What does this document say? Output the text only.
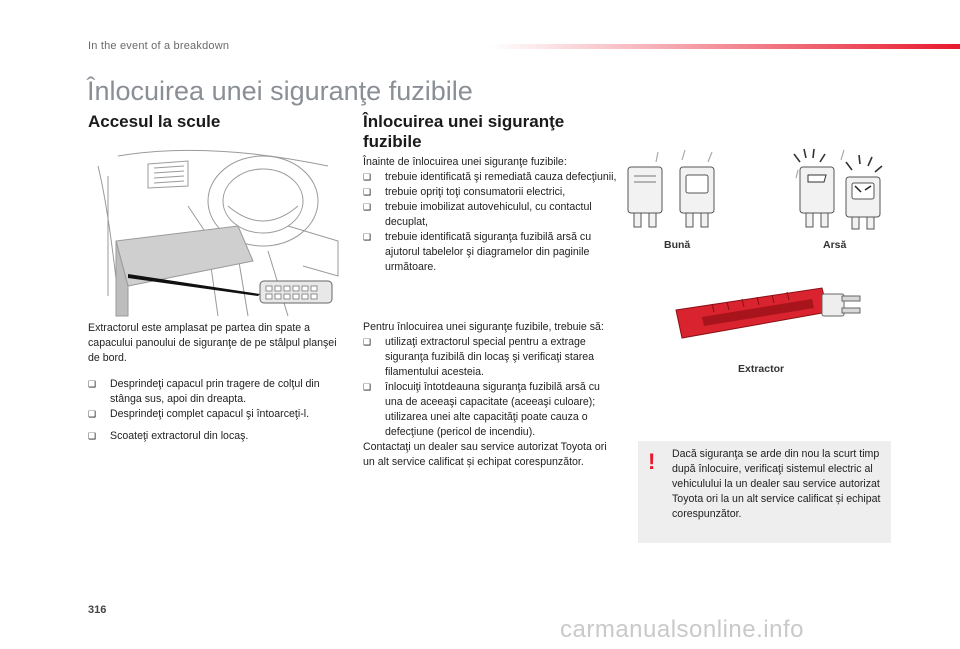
In the event of a breakdown
Înlocuirea unei siguranţe fuzibile
Accesul la scule
Extractorul este amplasat pe partea din spate a capacului panoului de siguranţe de pe stâlpul planşei de bord.

❑ Desprindeţi capacul prin tragere de colţul din stânga sus, apoi din dreapta.

❑ Desprindeţi complet capacul şi întoarceţi-l.

❑ Scoateţi extractorul din locaş.

Înlocuirea unei siguranţe fuzibile

Înainte de înlocuirea unei siguranţe fuzibile:

❑ trebuie identificată şi remediată cauza defecţiunii,

❑ trebuie opriţi toţi consumatorii electrici,

❑ trebuie imobilizat autovehiculul, cu contactul decuplat,

❑ trebuie identificată siguranţa fuzibilă arsă cu ajutorul tabelelor şi diagramelor din paginile următoare.

Pentru înlocuirea unei siguranţe fuzibile, trebuie să:

❑ utilizaţi extractorul special pentru a extrage siguranţa fuzibilă din locaş şi verificaţi starea filamentului acesteia.

❑ înlocuiţi întotdeauna siguranţa fuzibilă arsă cu una de aceeaşi capacitate (aceeaşi culoare); utilizarea unei alte capacităţi poate cauza o defecţiune (pericol de incendiu).

Contactaţi un dealer sau service autorizat Toyota ori un alt service calificat și echipat corespunzător.

Bună	Arsă
Extractor
! Dacă siguranţa se arde din nou la scurt timp după înlocuire, verificaţi sistemul electric al vehiculului la un dealer sau service autorizat Toyota ori la un alt service calificat și echipat corespunzător.
316
carmanualsonline.info
